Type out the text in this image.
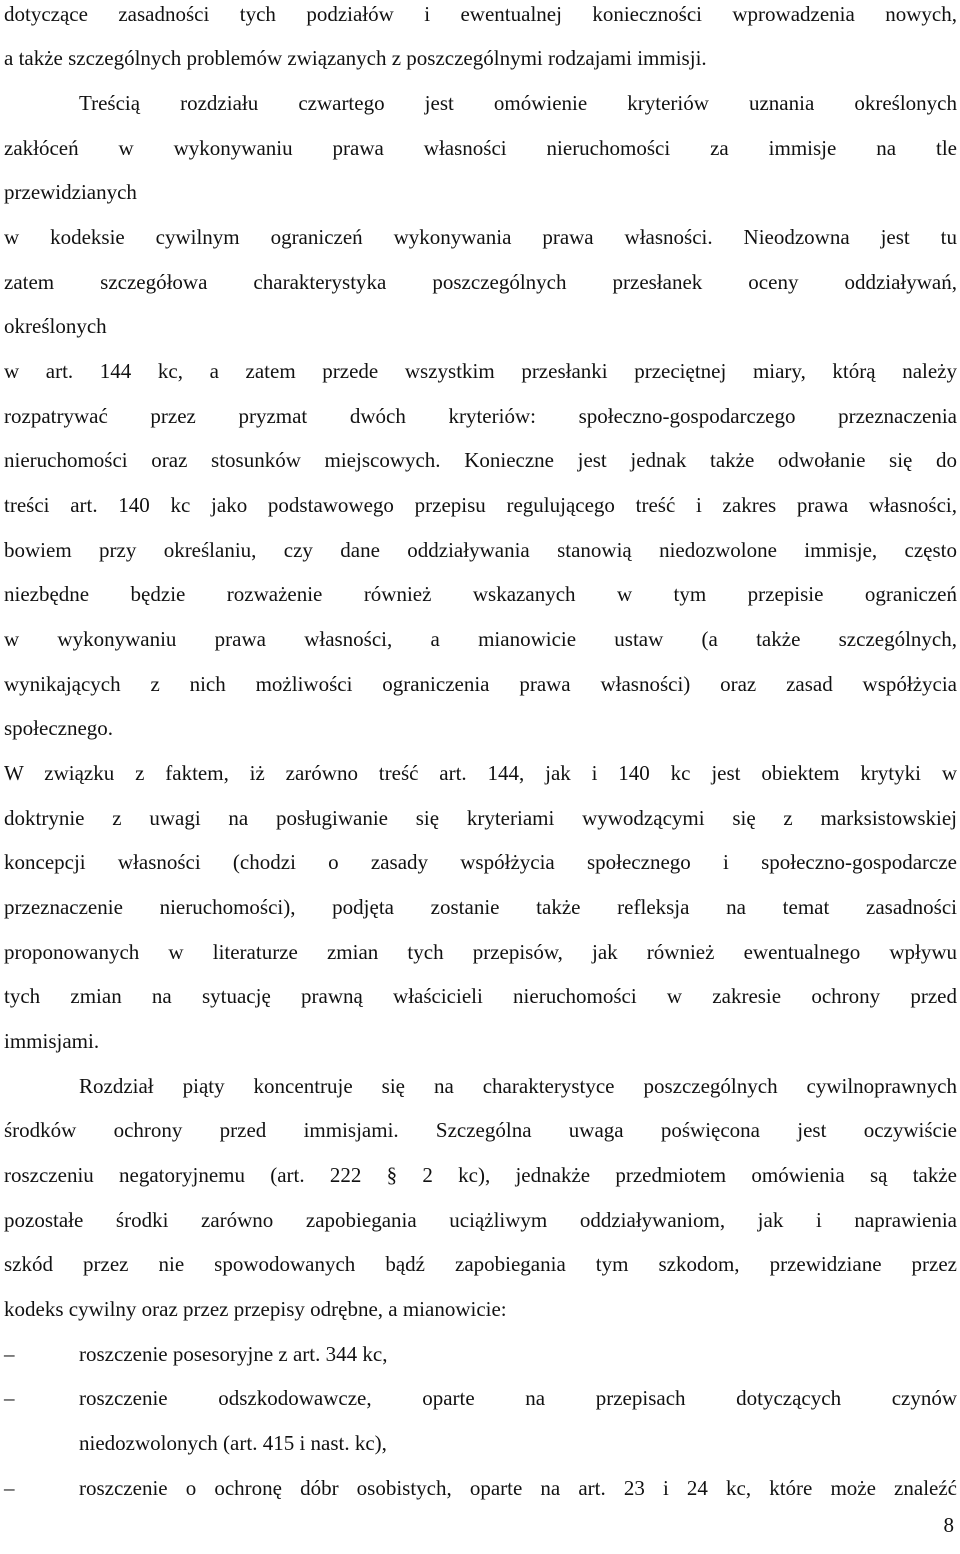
dotyczące zasadności tych podziałów i ewentualnej konieczności wprowadzenia nowych,
a także szczególnych problemów związanych z poszczególnymi rodzajami immisji.
Treścią rozdziału czwartego jest omówienie kryteriów uznania określonych
zakłóceń w wykonywaniu prawa własności nieruchomości za immisje na tle
przewidzianych
w kodeksie cywilnym ograniczeń wykonywania prawa własności. Nieodzowna jest tu
zatem szczegółowa charakterystyka poszczególnych przesłanek oceny oddziaływań,
określonych
w art. 144 kc, a zatem przede wszystkim przesłanki przeciętnej miary, którą należy
rozpatrywać przez pryzmat dwóch kryteriów: społeczno-gospodarczego przeznaczenia
nieruchomości oraz stosunków miejscowych. Konieczne jest jednak także odwołanie się do
treści art. 140 kc jako podstawowego przepisu regulującego treść i zakres prawa własności,
bowiem przy określaniu, czy dane oddziaływania stanowią niedozwolone immisje, często
niezbędne będzie rozważenie również wskazanych w tym przepisie ograniczeń
w wykonywaniu prawa własności, a mianowicie ustaw (a także szczególnych,
wynikających z nich możliwości ograniczenia prawa własności) oraz zasad współżycia
społecznego.
W związku z faktem, iż zarówno treść art. 144, jak i 140 kc jest obiektem krytyki w
doktrynie z uwagi na posługiwanie się kryteriami wywodzącymi się z marksistowskiej
koncepcji własności (chodzi o zasady współżycia społecznego i społeczno-gospodarcze
przeznaczenie nieruchomości), podjęta zostanie także refleksja na temat zasadności
proponowanych w literaturze zmian tych przepisów, jak również ewentualnego wpływu
tych zmian na sytuację prawną właścicieli nieruchomości w zakresie ochrony przed
immisjami.
Rozdział piąty koncentruje się na charakterystyce poszczególnych cywilnoprawnych
środków ochrony przed immisjami. Szczególna uwaga poświęcona jest oczywiście
roszczeniu negatoryjnemu (art. 222 § 2 kc), jednakże przedmiotem omówienia są także
pozostałe środki zarówno zapobiegania uciążliwym oddziaływaniom, jak i naprawienia
szkód przez nie spowodowanych bądź zapobiegania tym szkodom, przewidziane przez
kodeks cywilny oraz przez przepisy odrębne, a mianowicie:
–	roszczenie posesoryjne z art. 344 kc,
–	roszczenie odszkodowawcze, oparte na przepisach dotyczących czynów
niedozwolonych (art. 415 i nast. kc),
–	roszczenie o ochronę dóbr osobistych, oparte na art. 23 i 24 kc, które może znaleźć
8
